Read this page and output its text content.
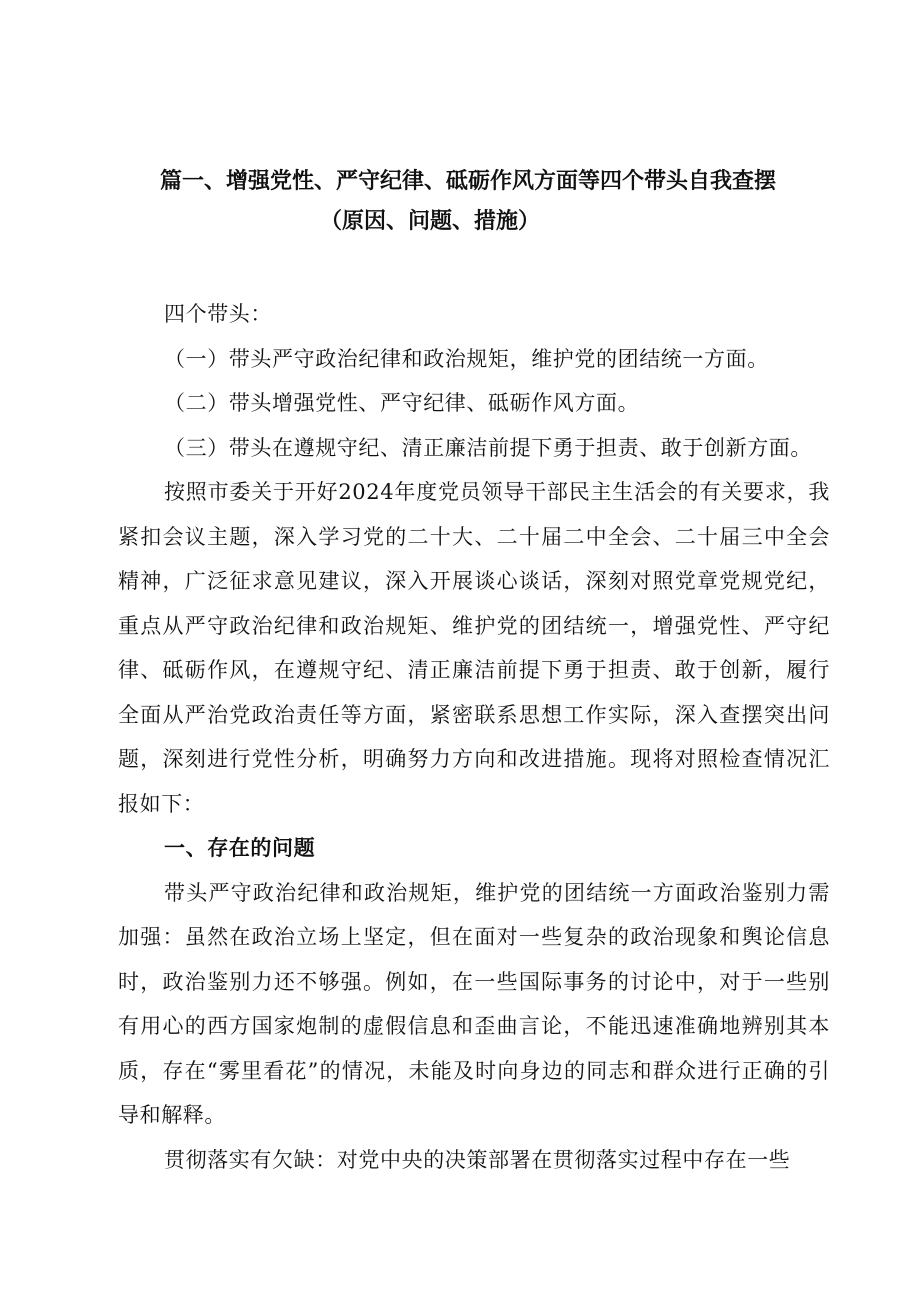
篇一、增强党性、严守纪律、砥砺作风方面等四个带头自我查摆
（原因、问题、措施）

四个带头：

（一）带头严守政治纪律和政治规矩，维护党的团结统一方面。

（二）带头增强党性、严守纪律、砥砺作风方面。

（三）带头在遵规守纪、清正廉洁前提下勇于担责、敢于创新方面。

按照市委关于开好2024年度党员领导干部民主生活会的有关要求，我紧扣会议主题，深入学习党的二十大、二十届二中全会、二十届三中全会精神，广泛征求意见建议，深入开展谈心谈话，深刻对照党章党规党纪，重点从严守政治纪律和政治规矩、维护党的团结统一，增强党性、严守纪律、砥砺作风，在遵规守纪、清正廉洁前提下勇于担责、敢于创新，履行全面从严治党政治责任等方面，紧密联系思想工作实际，深入查摆突出问题，深刻进行党性分析，明确努力方向和改进措施。现将对照检查情况汇报如下：

一、存在的问题

带头严守政治纪律和政治规矩，维护党的团结统一方面政治鉴别力需加强：虽然在政治立场上坚定，但在面对一些复杂的政治现象和舆论信息时，政治鉴别力还不够强。例如，在一些国际事务的讨论中，对于一些别有用心的西方国家炮制的虚假信息和歪曲言论，不能迅速准确地辨别其本质，存在“雾里看花”的情况，未能及时向身边的同志和群众进行正确的引导和解释。

贯彻落实有欠缺：对党中央的决策部署在贯彻落实过程中存在一些
